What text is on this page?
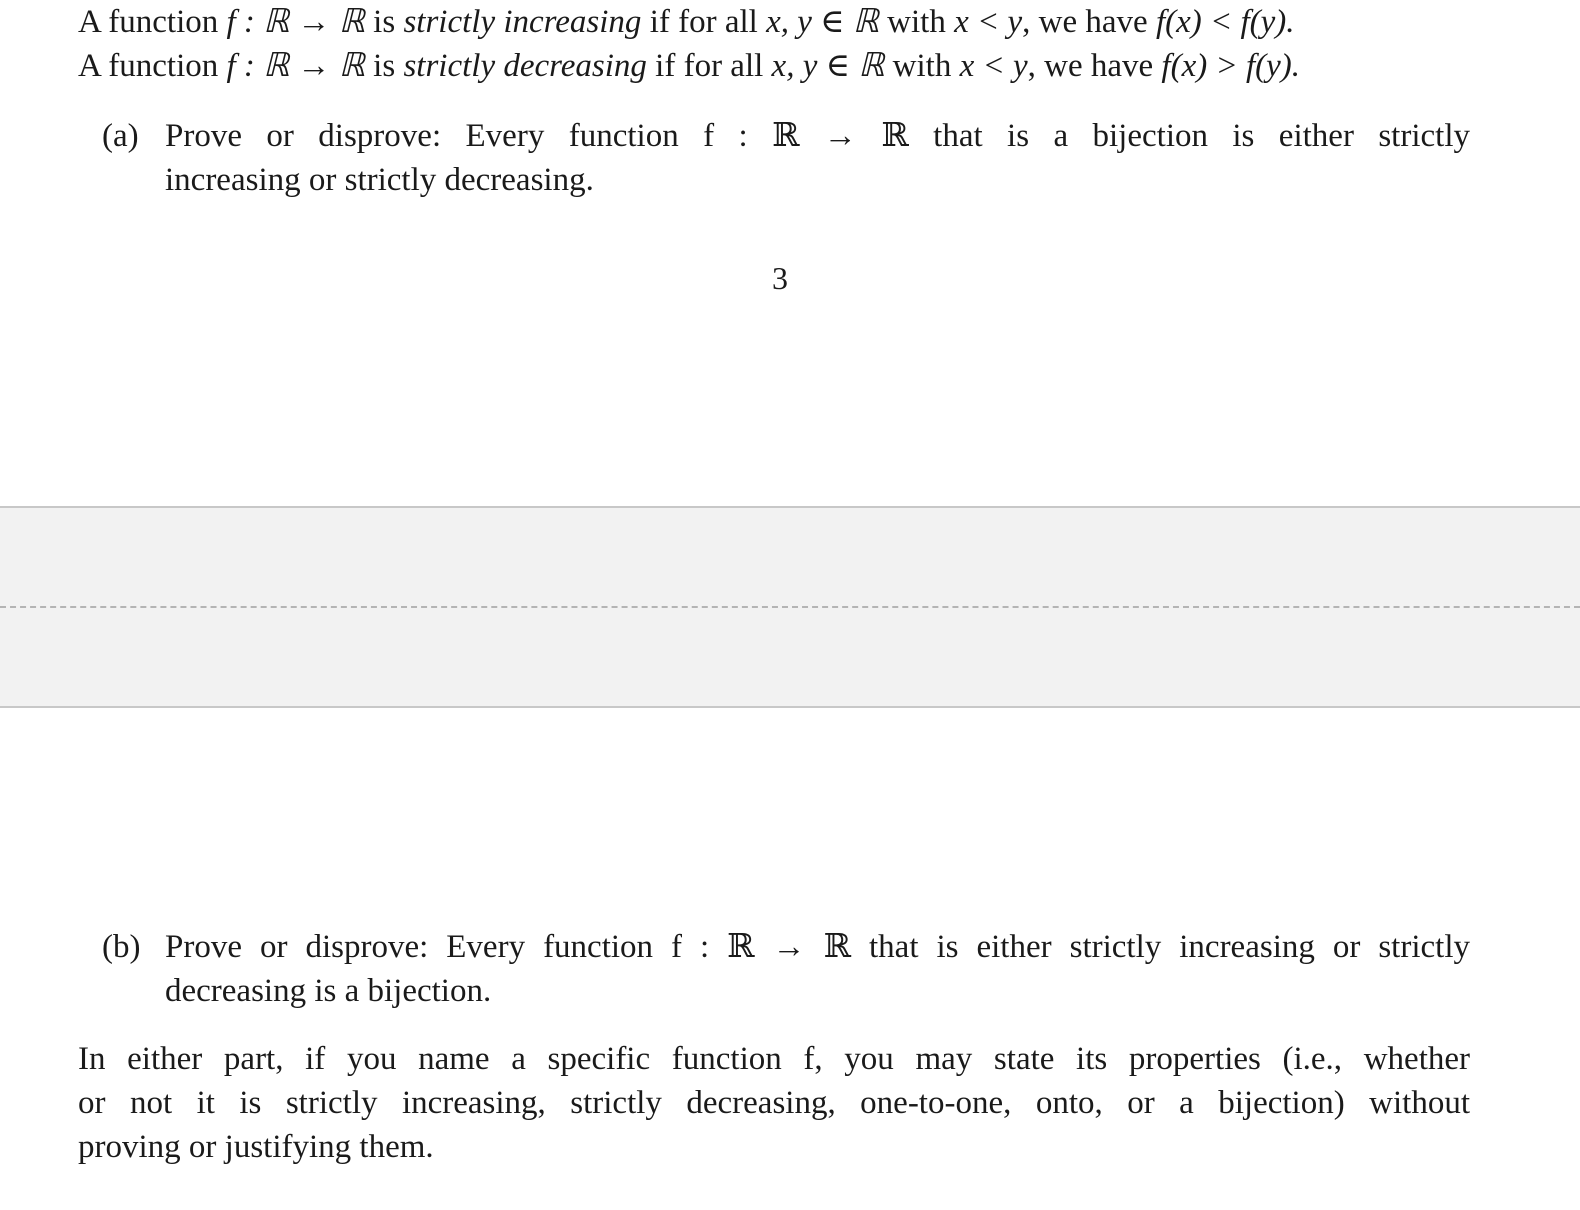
A function f : ℝ → ℝ is strictly increasing if for all x, y ∈ ℝ with x < y, we have f(x) < f(y).
A function f : ℝ → ℝ is strictly decreasing if for all x, y ∈ ℝ with x < y, we have f(x) > f(y).
(a) Prove or disprove: Every function f : ℝ → ℝ that is a bijection is either strictly
increasing or strictly decreasing.
3
(b) Prove or disprove: Every function f : ℝ → ℝ that is either strictly increasing or strictly
decreasing is a bijection.
In either part, if you name a specific function f, you may state its properties (i.e., whether
or not it is strictly increasing, strictly decreasing, one-to-one, onto, or a bijection) without
proving or justifying them.
